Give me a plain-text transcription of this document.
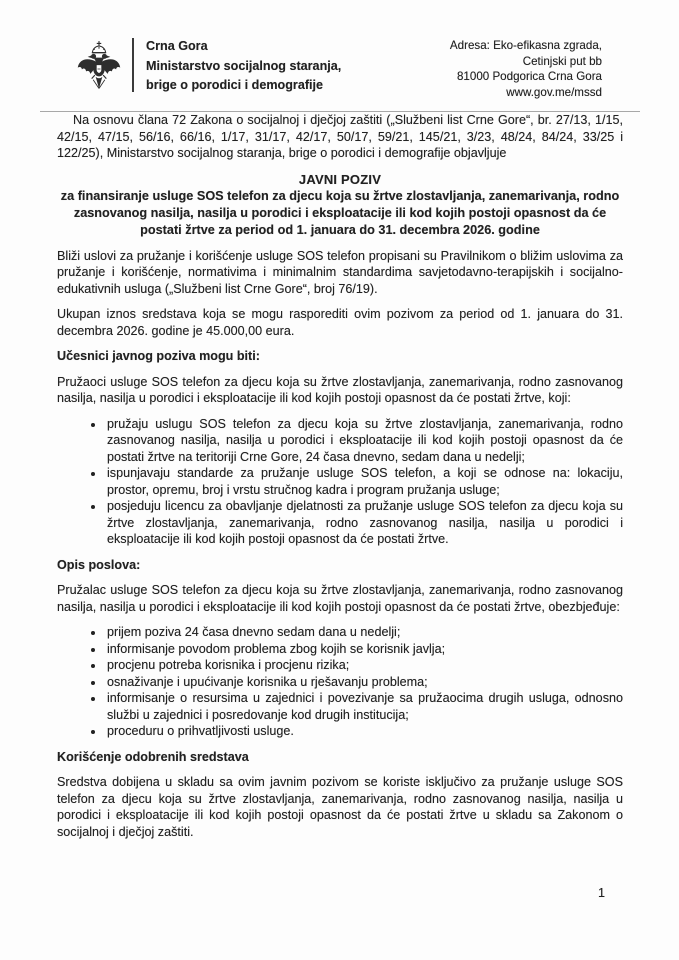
Crna Gora
Ministarstvo socijalnog staranja,
brige o porodici i demografije
Adresa: Eko-efikasna zgrada,
Cetinjski put bb
81000 Podgorica Crna Gora
www.gov.me/mssd

Na osnovu člana 72 Zakona o socijalnoj i dječjoj zaštiti („Službeni list Crne Gore“, br. 27/13, 1/15, 42/15, 47/15, 56/16, 66/16, 1/17, 31/17, 42/17, 50/17, 59/21, 145/21, 3/23, 48/24, 84/24, 33/25 i 122/25), Ministarstvo socijalnog staranja, brige o porodici i demografije objavljuje

JAVNI POZIV
za finansiranje usluge SOS telefon za djecu koja su žrtve zlostavljanja, zanemarivanja, rodno zasnovanog nasilja, nasilja u porodici i eksploatacije ili kod kojih postoji opasnost da će postati žrtve za period od 1. januara do 31. decembra 2026. godine

Bliži uslovi za pružanje i korišćenje usluge SOS telefon propisani su Pravilnikom o bližim uslovima za pružanje i korišćenje, normativima i minimalnim standardima savjetodavno-terapijskih i socijalno-edukativnih usluga („Službeni list Crne Gore“, broj 76/19).

Ukupan iznos sredstava koja se mogu rasporediti ovim pozivom za period od 1. januara do 31. decembra 2026. godine je 45.000,00 eura.

Učesnici javnog poziva mogu biti:

Pružaoci usluge SOS telefon za djecu koja su žrtve zlostavljanja, zanemarivanja, rodno zasnovanog nasilja, nasilja u porodici i eksploatacije ili kod kojih postoji opasnost da će postati žrtve, koji:

• pružaju uslugu SOS telefon za djecu koja su žrtve zlostavljanja, zanemarivanja, rodno zasnovanog nasilja, nasilja u porodici i eksploatacije ili kod kojih postoji opasnost da će postati žrtve na teritoriji Crne Gore, 24 časa dnevno, sedam dana u nedelji;
• ispunjavaju standarde za pružanje usluge SOS telefon, a koji se odnose na: lokaciju, prostor, opremu, broj i vrstu stručnog kadra i program pružanja usluge;
• posjeduju licencu za obavljanje djelatnosti za pružanje usluge SOS telefon za djecu koja su žrtve zlostavljanja, zanemarivanja, rodno zasnovanog nasilja, nasilja u porodici i eksploatacije ili kod kojih postoji opasnost da će postati žrtve.
Opis poslova:

Pružalac usluge SOS telefon za djecu koja su žrtve zlostavljanja, zanemarivanja, rodno zasnovanog nasilja, nasilja u porodici i eksploatacije ili kod kojih postoji opasnost da će postati žrtve, obezbjeđuje:

• prijem poziva 24 časa dnevno sedam dana u nedelji;
• informisanje povodom problema zbog kojih se korisnik javlja;
• procjenu potreba korisnika i procjenu rizika;
• osnaživanje i upućivanje korisnika u rješavanju problema;
• informisanje o resursima u zajednici i povezivanje sa pružaocima drugih usluga, odnosno službi u zajednici i posredovanje kod drugih institucija;
• proceduru o prihvatljivosti usluge.
Korišćenje odobrenih sredstava

Sredstva dobijena u skladu sa ovim javnim pozivom se koriste isključivo za pružanje usluge SOS telefon za djecu koja su žrtve zlostavljanja, zanemarivanja, rodno zasnovanog nasilja, nasilja u porodici i eksploatacije ili kod kojih postoji opasnost da će postati žrtve u skladu sa Zakonom o socijalnoj i dječjoj zaštiti.

1
